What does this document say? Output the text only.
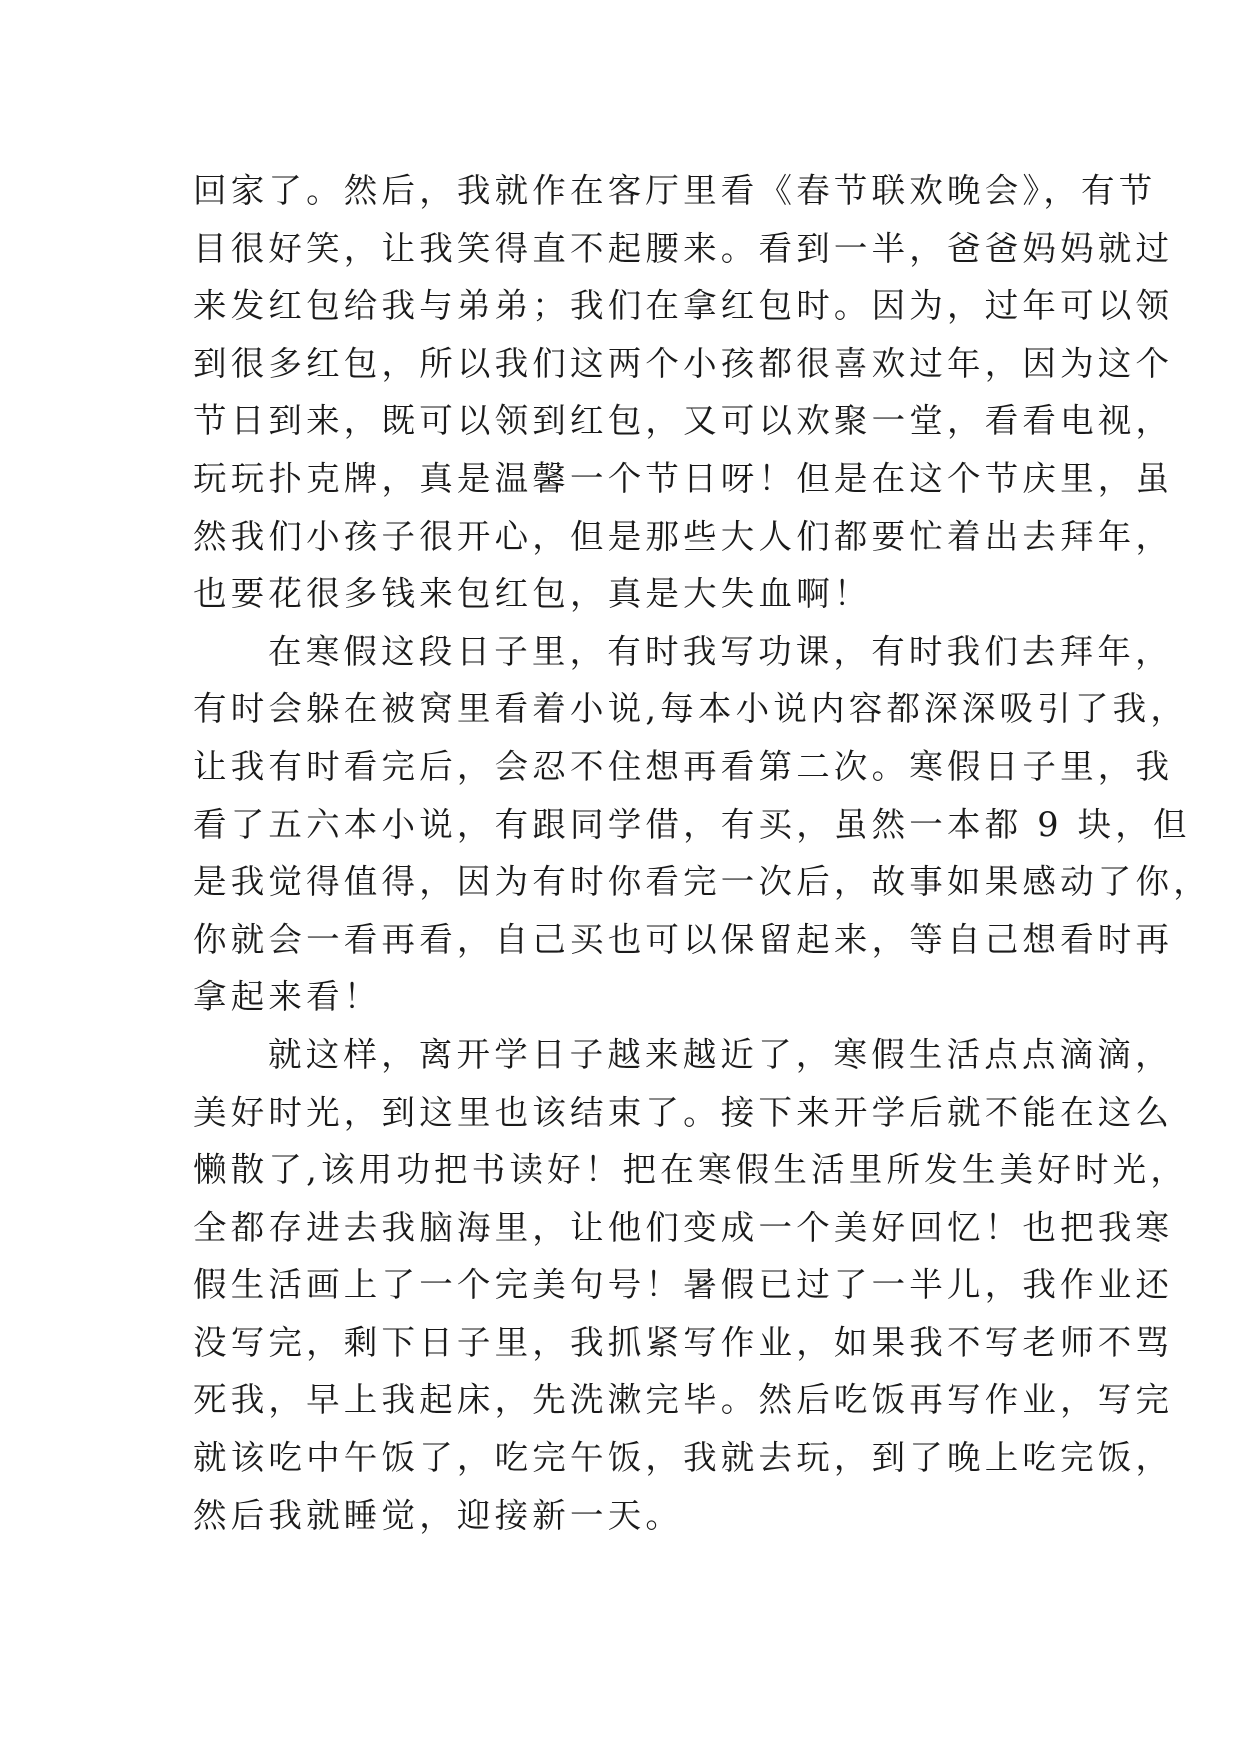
回家了。然后，我就作在客厅里看《春节联欢晚会》，有节
目很好笑，让我笑得直不起腰来。看到一半，爸爸妈妈就过
来发红包给我与弟弟；我们在拿红包时。因为，过年可以领
到很多红包，所以我们这两个小孩都很喜欢过年，因为这个
节日到来，既可以领到红包，又可以欢聚一堂，看看电视，
玩玩扑克牌，真是温馨一个节日呀！但是在这个节庆里，虽
然我们小孩子很开心，但是那些大人们都要忙着出去拜年，
也要花很多钱来包红包，真是大失血啊！
在寒假这段日子里，有时我写功课，有时我们去拜年，
有时会躲在被窝里看着小说,每本小说内容都深深吸引了我，
让我有时看完后，会忍不住想再看第二次。寒假日子里，我
看了五六本小说，有跟同学借，有买，虽然一本都 9 块，但
是我觉得值得，因为有时你看完一次后，故事如果感动了你，
你就会一看再看，自己买也可以保留起来，等自己想看时再
拿起来看！
就这样，离开学日子越来越近了，寒假生活点点滴滴，
美好时光，到这里也该结束了。接下来开学后就不能在这么
懒散了,该用功把书读好！把在寒假生活里所发生美好时光，
全都存进去我脑海里，让他们变成一个美好回忆！也把我寒
假生活画上了一个完美句号！暑假已过了一半儿，我作业还
没写完，剩下日子里，我抓紧写作业，如果我不写老师不骂
死我，早上我起床，先洗漱完毕。然后吃饭再写作业，写完
就该吃中午饭了，吃完午饭，我就去玩，到了晚上吃完饭，
然后我就睡觉，迎接新一天。
